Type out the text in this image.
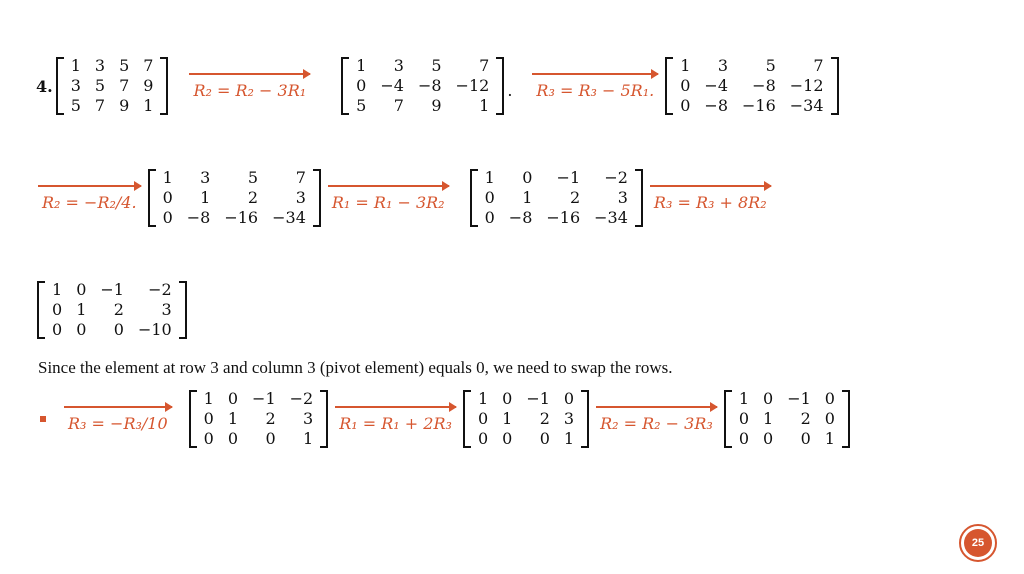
4.
1	3	5	7
3	5	7	9
5	7	9	1
R₂ = R₂ − 3R₁
1	3	5	7
0	−4	−8	−12
5	7	9	1
. R₃ = R₃ − 5R₁.
1	3	5	7
0	−4	−8	−12
0	−8	−16	−34
R₂ = −R₂/4.
1	3	5	7
0	1	2	3
0	−8	−16	−34
R₁ = R₁ − 3R₂
1	0	−1	−2
0	1	2	3
0	−8	−16	−34
R₃ = R₃ + 8R₂
1	0	−1	−2
0	1	2	3
0	0	0	−10
Since the element at row 3 and column 3 (pivot element) equals 0, we need to swap the rows.
R₃ = −R₃/10
1	0	−1	−2
0	1	2	3
0	0	0	1
R₁ = R₁ + 2R₃
1	0	−1	0
0	1	2	3
0	0	0	1
R₂ = R₂ − 3R₃
1	0	−1	0
0	1	2	0
0	0	0	1
25
